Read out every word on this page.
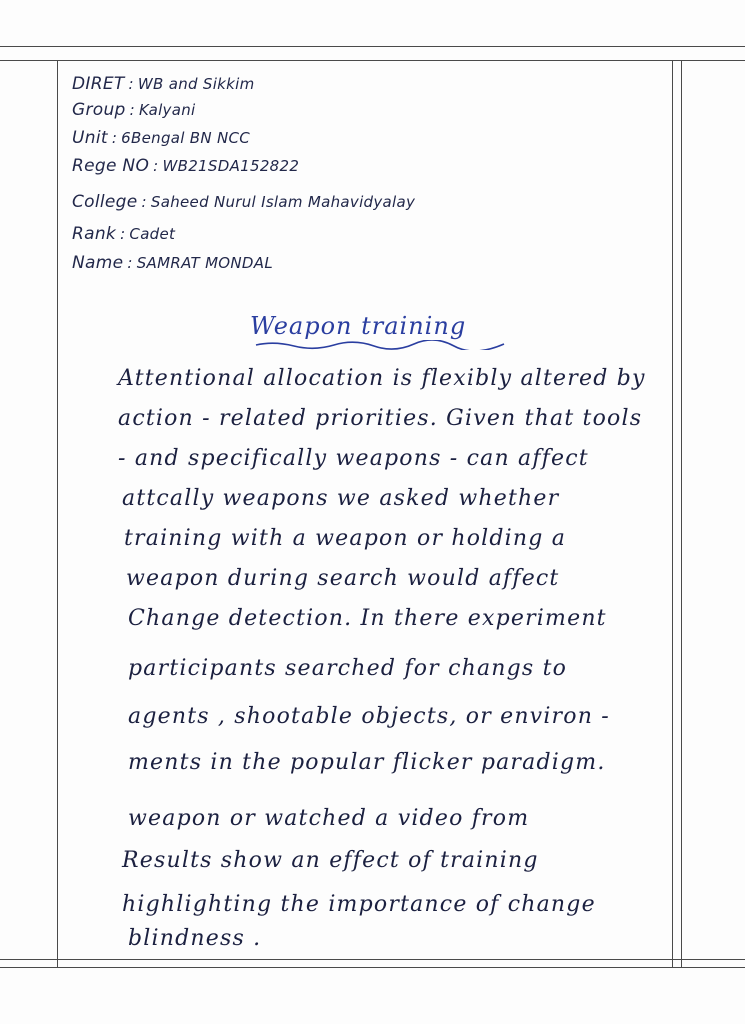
DIRET : WB and Sikkim
Group : Kalyani
Unit : 6Bengal BN NCC
Rege NO : WB21SDA152822
College : Saheed Nurul Islam Mahavidyalay
Rank : Cadet
Name : SAMRAT MONDAL
Weapon training
Attentional allocation is flexibly altered by
action - related priorities. Given that tools
- and specifically weapons - can affect
attcally weapons we asked whether
training with a weapon or holding a
weapon during search would affect
Change detection. In there experiment
participants searched for changs to
agents , shootable objects, or environ -
ments in the popular flicker paradigm.
weapon or watched a video from
Results show an effect of training
highlighting the importance of change
blindness .
